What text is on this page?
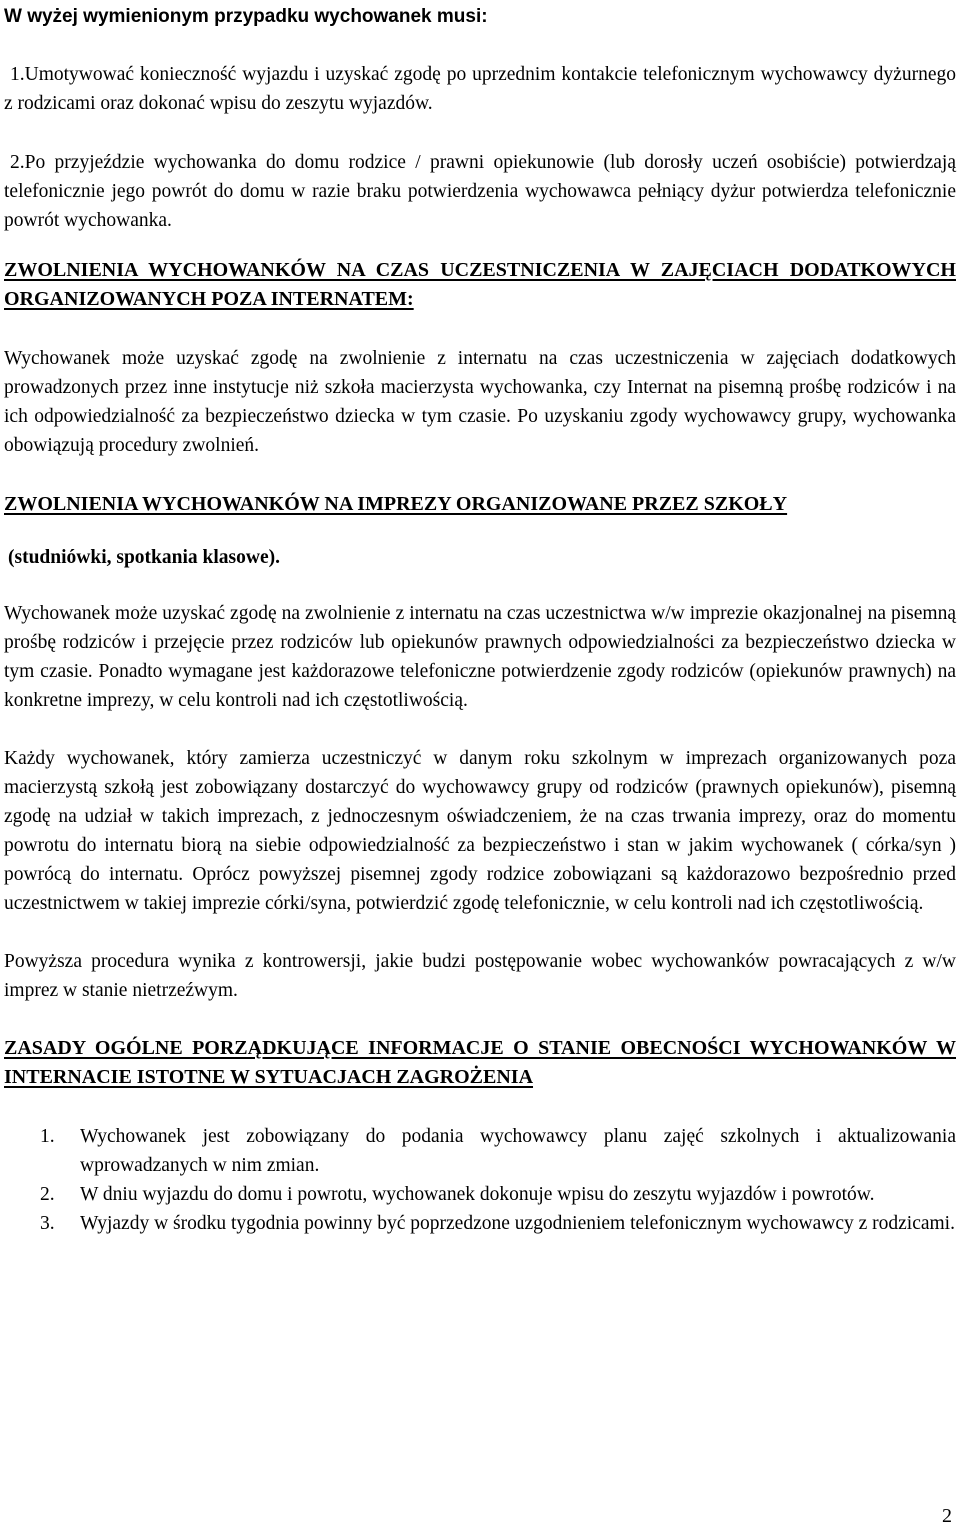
W wyżej wymienionym przypadku wychowanek musi:

1.Umotywować konieczność wyjazdu i uzyskać zgodę po uprzednim kontakcie telefonicznym wychowawcy dyżurnego z rodzicami oraz dokonać wpisu do zeszytu wyjazdów.

2.Po przyjeździe wychowanka do domu rodzice / prawni opiekunowie (lub dorosły uczeń osobiście) potwierdzają telefonicznie jego powrót do domu w razie braku potwierdzenia wychowawca pełniący dyżur potwierdza telefonicznie powrót wychowanka.

ZWOLNIENIA WYCHOWANKÓW NA CZAS UCZESTNICZENIA W ZAJĘCIACH DODATKOWYCH ORGANIZOWANYCH POZA INTERNATEM:

Wychowanek może uzyskać zgodę na zwolnienie z internatu na czas uczestniczenia w zajęciach dodatkowych prowadzonych przez inne instytucje niż szkoła macierzysta wychowanka, czy Internat na pisemną prośbę rodziców i na ich odpowiedzialność za bezpieczeństwo dziecka w tym czasie. Po uzyskaniu zgody wychowawcy grupy, wychowanka obowiązują procedury zwolnień.

ZWOLNIENIA WYCHOWANKÓW NA IMPREZY ORGANIZOWANE PRZEZ SZKOŁY
(studniówki, spotkania klasowe).

Wychowanek może uzyskać zgodę na zwolnienie z internatu na czas uczestnictwa w/w imprezie okazjonalnej na pisemną prośbę rodziców i przejęcie przez rodziców lub opiekunów prawnych odpowiedzialności za bezpieczeństwo dziecka w tym czasie. Ponadto wymagane jest każdorazowe telefoniczne potwierdzenie zgody rodziców (opiekunów prawnych) na konkretne imprezy, w celu kontroli nad ich częstotliwością.

Każdy wychowanek, który zamierza uczestniczyć w danym roku szkolnym w imprezach organizowanych poza macierzystą szkołą jest zobowiązany dostarczyć do wychowawcy grupy od rodziców (prawnych opiekunów), pisemną zgodę na udział w takich imprezach, z jednoczesnym oświadczeniem, że na czas trwania imprezy, oraz do momentu powrotu do internatu biorą na siebie odpowiedzialność za bezpieczeństwo i stan w jakim wychowanek ( córka/syn ) powrócą do internatu. Oprócz powyższej pisemnej zgody rodzice zobowiązani są każdorazowo bezpośrednio przed uczestnictwem w takiej imprezie córki/syna, potwierdzić zgodę telefonicznie, w celu kontroli nad ich częstotliwością.

Powyższa procedura wynika z kontrowersji, jakie budzi postępowanie wobec wychowanków powracających z w/w imprez w stanie nietrzeźwym.

ZASADY OGÓLNE PORZĄDKUJĄCE INFORMACJE O STANIE OBECNOŚCI WYCHOWANKÓW W INTERNACIE ISTOTNE W SYTUACJACH ZAGROŻENIA
1. Wychowanek jest zobowiązany do podania wychowawcy planu zajęć szkolnych i aktualizowania wprowadzanych w nim zmian.
2. W dniu wyjazdu do domu i powrotu, wychowanek dokonuje wpisu do zeszytu wyjazdów i powrotów.
3. Wyjazdy w środku tygodnia powinny być poprzedzone uzgodnieniem telefonicznym wychowawcy z rodzicami.
2
